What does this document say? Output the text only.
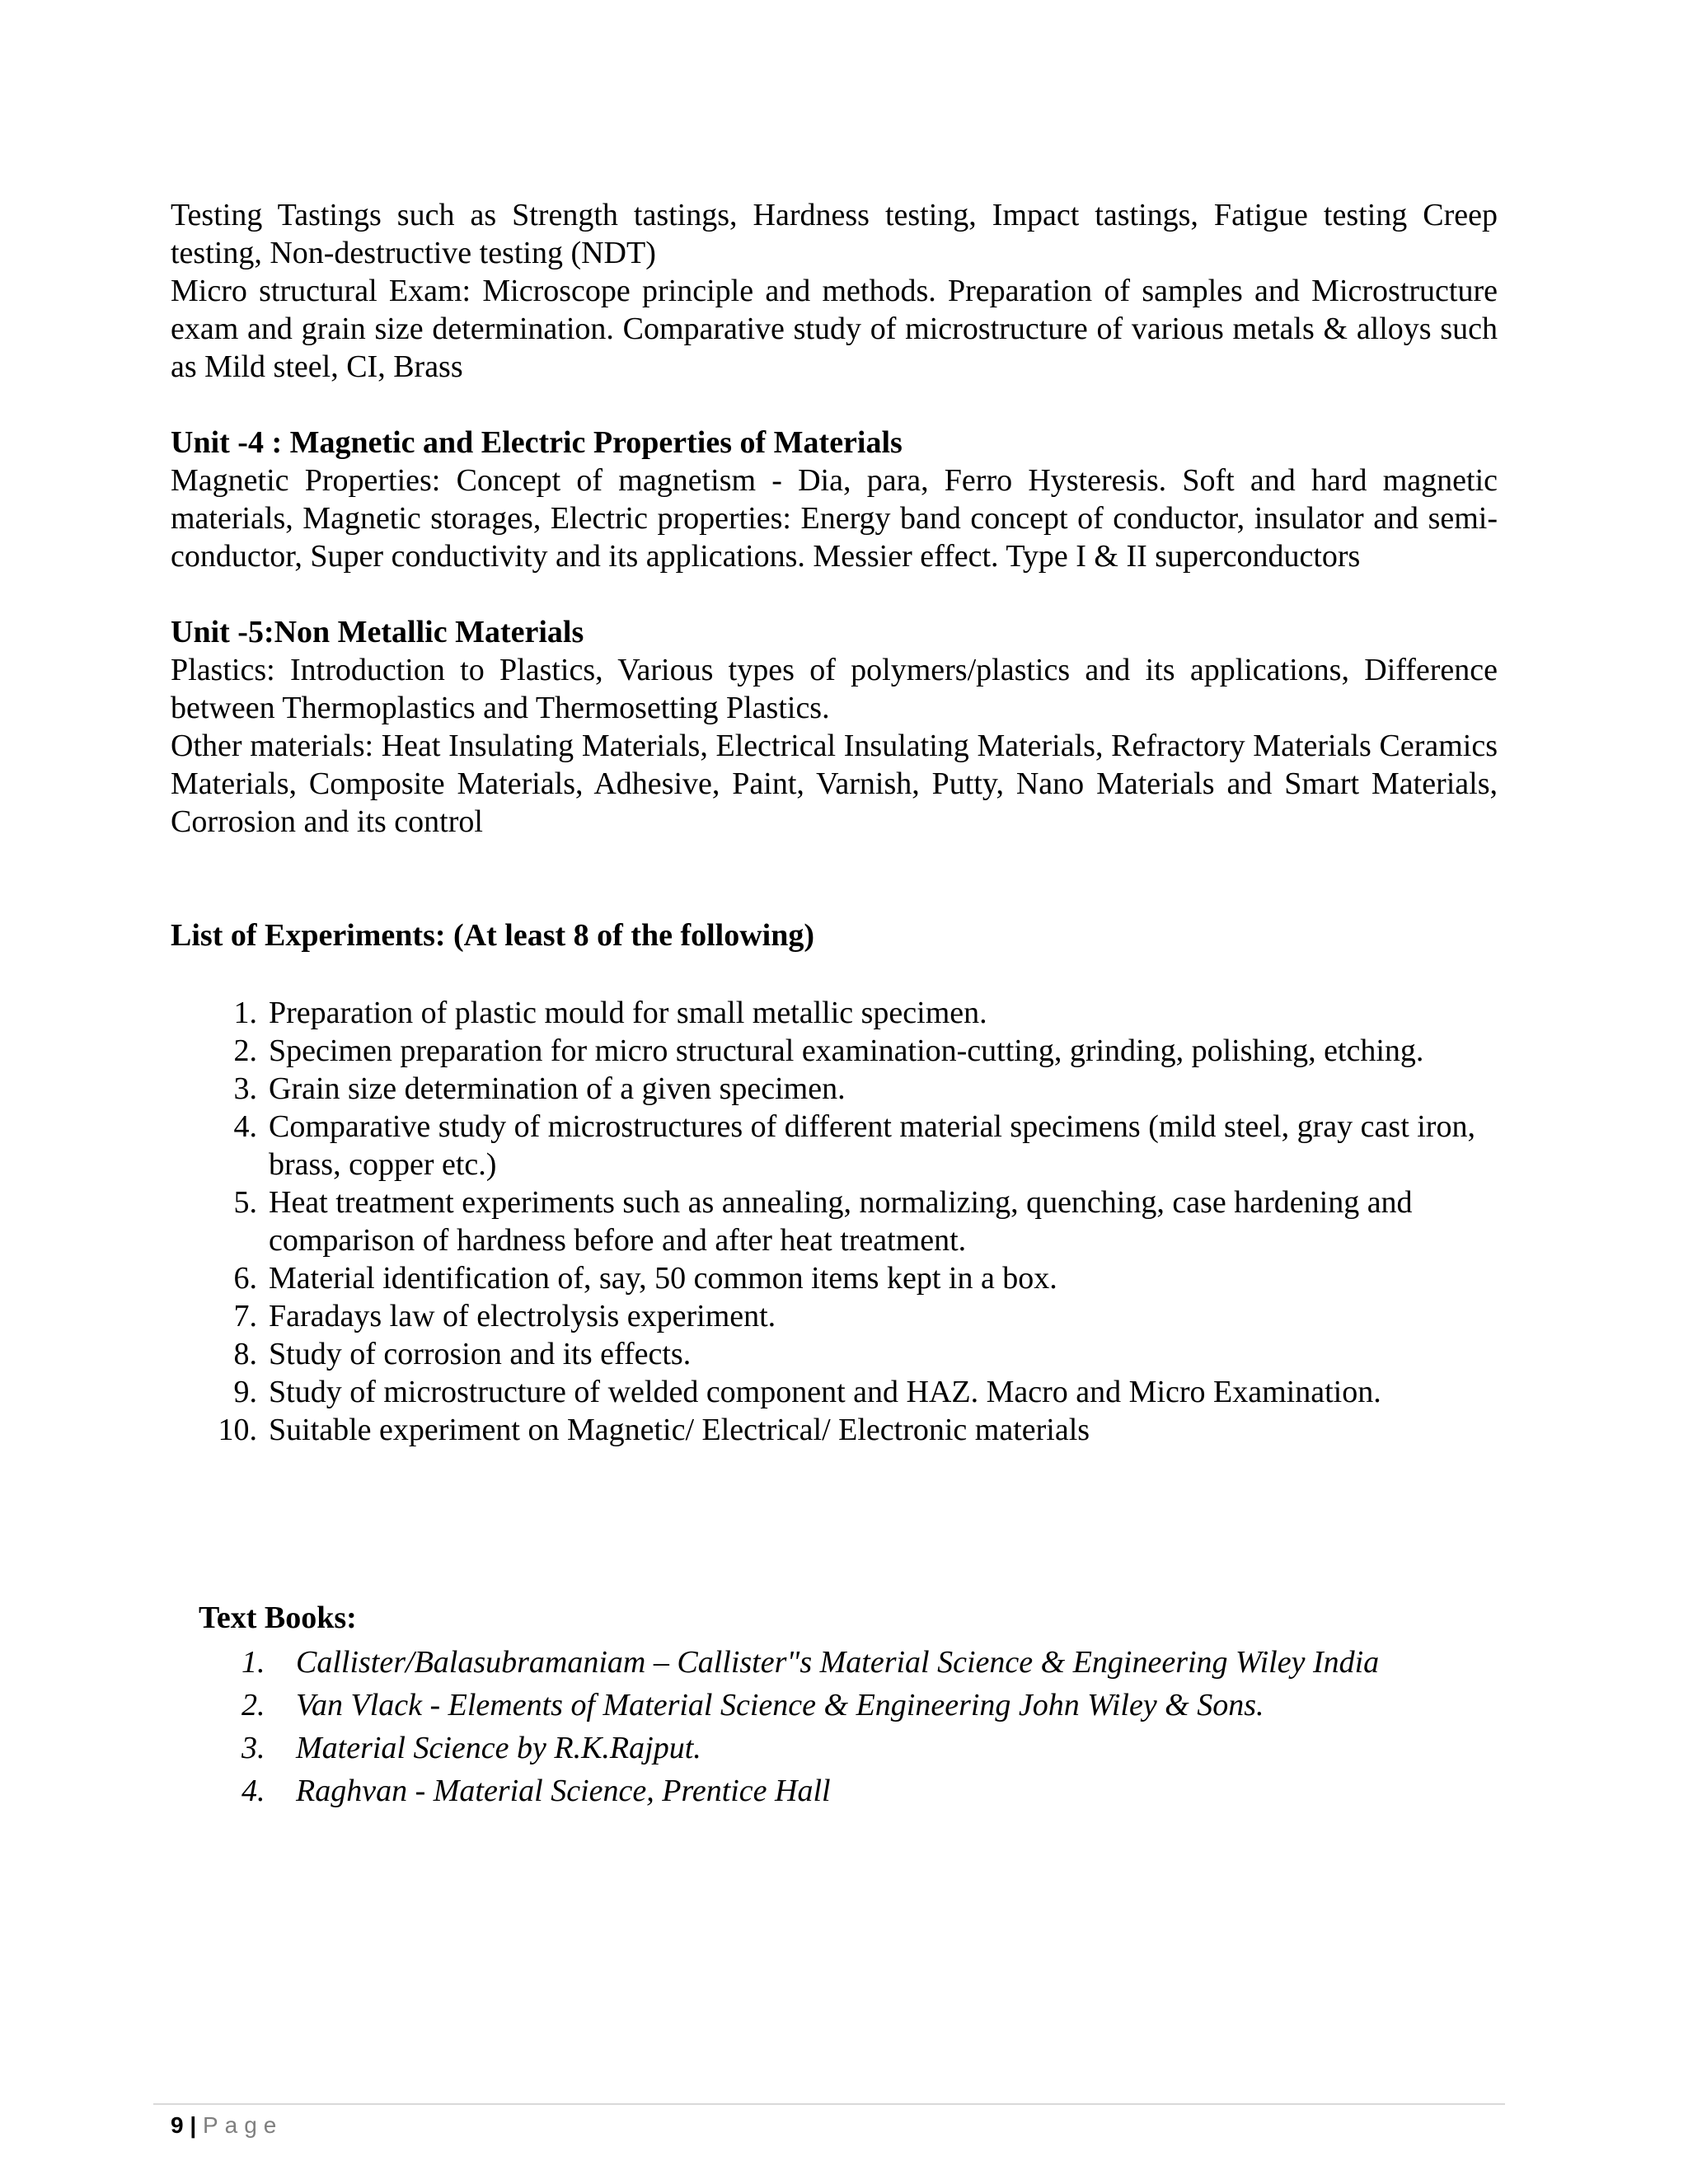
Testing Tastings such as Strength tastings, Hardness testing, Impact tastings, Fatigue testing Creep testing, Non-destructive testing (NDT)

Micro structural Exam: Microscope principle and methods. Preparation of samples and Microstructure exam and grain size determination. Comparative study of microstructure of various metals & alloys such as Mild steel, CI, Brass

Unit -4 : Magnetic and Electric Properties of Materials

Magnetic Properties: Concept of magnetism - Dia, para, Ferro Hysteresis. Soft and hard magnetic materials, Magnetic storages, Electric properties: Energy band concept of conductor, insulator and semi-conductor, Super conductivity and its applications. Messier effect. Type I & II superconductors

Unit -5:Non Metallic Materials

Plastics: Introduction to Plastics, Various types of polymers/plastics and its applications, Difference between Thermoplastics and Thermosetting Plastics.

Other materials: Heat Insulating Materials, Electrical Insulating Materials, Refractory Materials Ceramics Materials, Composite Materials, Adhesive, Paint, Varnish, Putty, Nano Materials and Smart Materials, Corrosion and its control

List of Experiments: (At least 8 of the following)

1. Preparation of plastic mould for small metallic specimen.
2. Specimen preparation for micro structural examination-cutting, grinding, polishing, etching.
3. Grain size determination of a given specimen.
4. Comparative study of microstructures of different material specimens (mild steel, gray cast iron, brass, copper etc.)
5. Heat treatment experiments such as annealing, normalizing, quenching, case hardening and comparison of hardness before and after heat treatment.
6. Material identification of, say, 50 common items kept in a box.
7. Faradays law of electrolysis experiment.
8. Study of corrosion and its effects.
9. Study of microstructure of welded component and HAZ. Macro and Micro Examination.
10. Suitable experiment on Magnetic/ Electrical/ Electronic materials

Text Books:

1. Callister/Balasubramaniam – Callister"s Material Science & Engineering Wiley India
2. Van Vlack - Elements of Material Science & Engineering John Wiley & Sons.
3. Material Science by R.K.Rajput.
4. Raghvan - Material Science, Prentice Hall
9 | Page
